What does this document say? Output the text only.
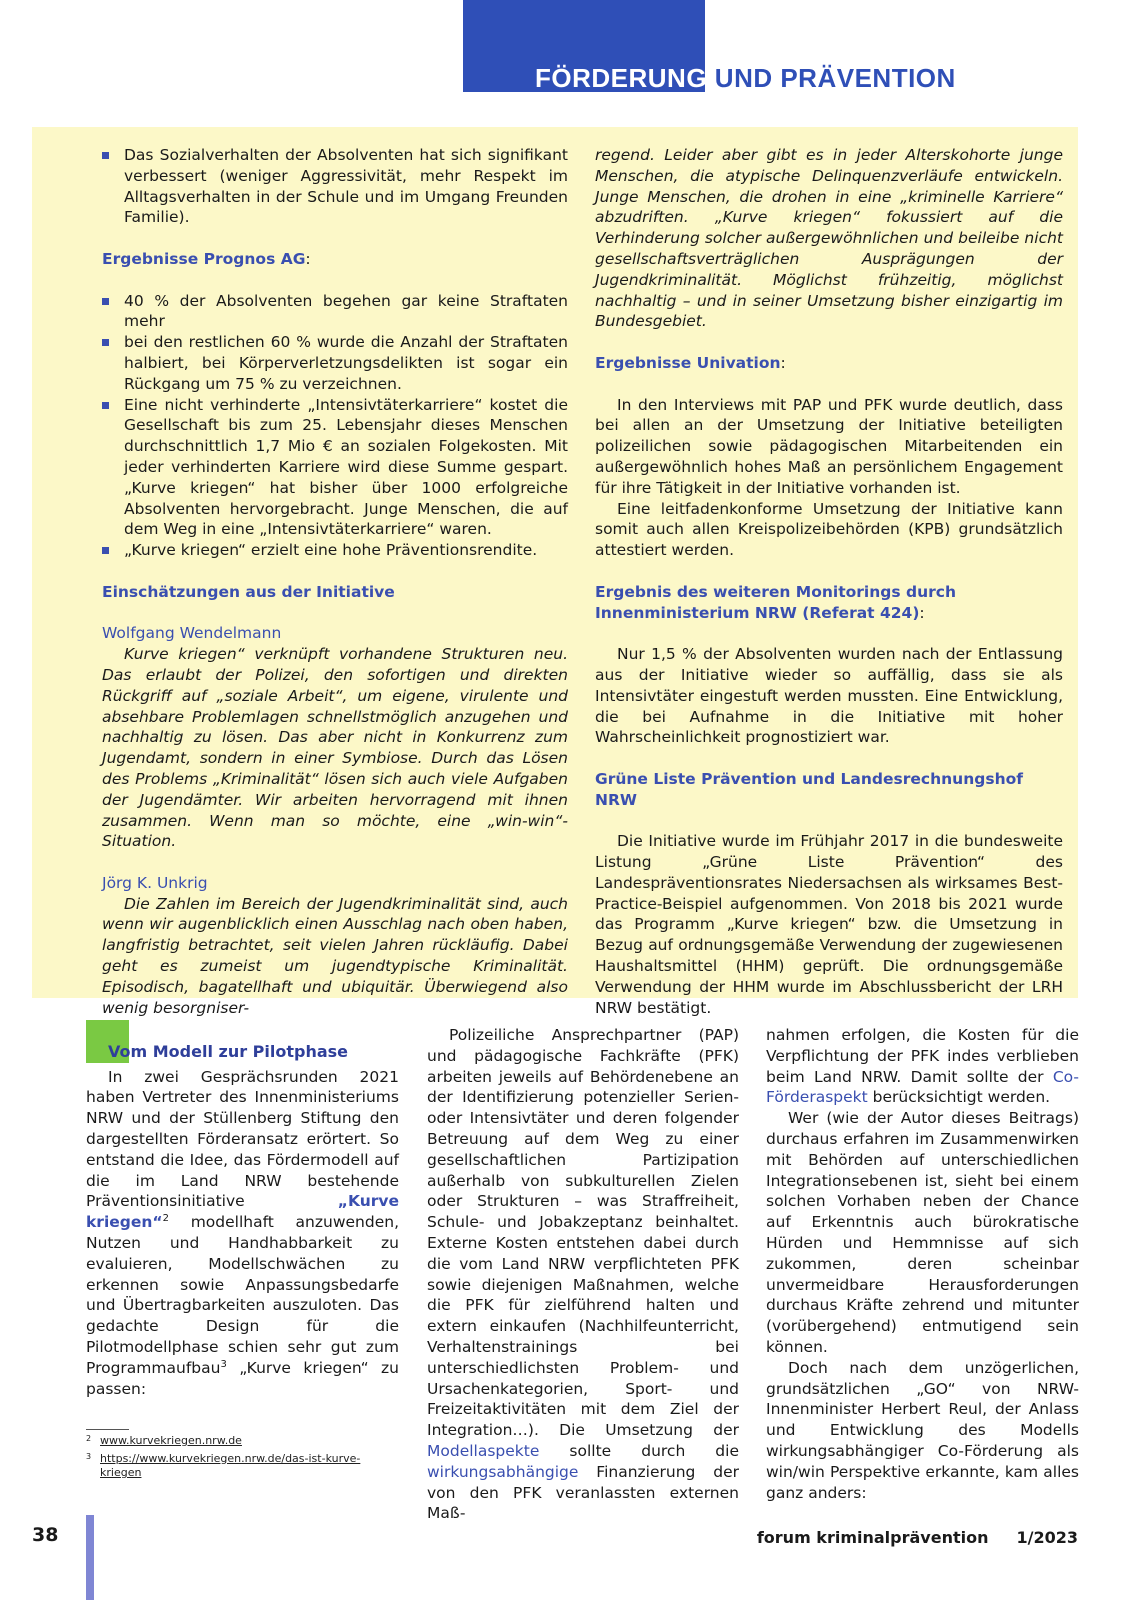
FÖRDERUNG UND PRÄVENTION
Das Sozialverhalten der Absolventen hat sich signifikant verbessert (weniger Aggressivität, mehr Respekt im Alltagsverhalten in der Schule und im Umgang Freunden Familie).
Ergebnisse Prognos AG:
40 % der Absolventen begehen gar keine Straftaten mehr
bei den restlichen 60 % wurde die Anzahl der Straftaten halbiert, bei Körperverletzungsdelikten ist sogar ein Rückgang um 75 % zu verzeichnen.
Eine nicht verhinderte „Intensivtäterkarriere“ kostet die Gesellschaft bis zum 25. Lebensjahr dieses Menschen durchschnittlich 1,7 Mio € an sozialen Folgekosten. Mit jeder verhinderten Karriere wird diese Summe gespart. „Kurve kriegen“ hat bisher über 1000 erfolgreiche Absolventen hervorgebracht. Junge Menschen, die auf dem Weg in eine „Intensivtäterkarriere“ waren.
„Kurve kriegen“ erzielt eine hohe Präventionsrendite.
Einschätzungen aus der Initiative
Wolfgang Wendelmann

Kurve kriegen“ verknüpft vorhandene Strukturen neu. Das erlaubt der Polizei, den sofortigen und direkten Rückgriff auf „soziale Arbeit“, um eigene, virulente und absehbare Problemlagen schnellstmöglich anzugehen und nachhaltig zu lösen. Das aber nicht in Konkurrenz zum Jugendamt, sondern in einer Symbiose. Durch das Lösen des Problems „Kriminalität“ lösen sich auch viele Aufgaben der Jugendämter. Wir arbeiten hervorragend mit ihnen zusammen. Wenn man so möchte, eine „win-win“-Situation.

Jörg K. Unkrig

Die Zahlen im Bereich der Jugendkriminalität sind, auch wenn wir augenblicklich einen Ausschlag nach oben haben, langfristig betrachtet, seit vielen Jahren rückläufig. Dabei geht es zumeist um jugendtypische Kriminalität. Episodisch, bagatellhaft und ubiquitär. Überwiegend also wenig besorgniser-

regend. Leider aber gibt es in jeder Alterskohorte junge Menschen, die atypische Delinquenzverläufe entwickeln. Junge Menschen, die drohen in eine „kriminelle Karriere“ abzudriften. „Kurve kriegen“ fokussiert auf die Verhinderung solcher außergewöhnlichen und beileibe nicht gesellschaftsverträglichen Ausprägungen der Jugendkriminalität. Möglichst frühzeitig, möglichst nachhaltig – und in seiner Umsetzung bisher einzigartig im Bundesgebiet.

Ergebnisse Univation:

In den Interviews mit PAP und PFK wurde deutlich, dass bei allen an der Umsetzung der Initiative beteiligten polizeilichen sowie pädagogischen Mitarbeitenden ein außergewöhnlich hohes Maß an persönlichem Engagement für ihre Tätigkeit in der Initiative vorhanden ist.

Eine leitfadenkonforme Umsetzung der Initiative kann somit auch allen Kreispolizeibehörden (KPB) grundsätzlich attestiert werden.

Ergebnis des weiteren Monitorings durch Innenministerium NRW (Referat 424):

Nur 1,5 % der Absolventen wurden nach der Entlassung aus der Initiative wieder so auffällig, dass sie als Intensivtäter eingestuft werden mussten. Eine Entwicklung, die bei Aufnahme in die Initiative mit hoher Wahrscheinlichkeit prognostiziert war.

Grüne Liste Prävention und Landesrechnungshof NRW

Die Initiative wurde im Frühjahr 2017 in die bundesweite Listung „Grüne Liste Prävention“ des Landespräventionsrates Niedersachsen als wirksames Best-Practice-Beispiel aufgenommen. Von 2018 bis 2021 wurde das Programm „Kurve kriegen“ bzw. die Umsetzung in Bezug auf ordnungsgemäße Verwendung der zugewiesenen Haushaltsmittel (HHM) geprüft. Die ordnungsgemäße Verwendung der HHM wurde im Abschlussbericht der LRH NRW bestätigt.

Vom Modell zur Pilotphase

In zwei Gesprächsrunden 2021 haben Vertreter des Innenministeriums NRW und der Stüllenberg Stiftung den dargestellten Förderansatz erörtert. So entstand die Idee, das Fördermodell auf die im Land NRW bestehende Präventionsinitiative „Kurve kriegen“$^2$ modellhaft anzuwenden, Nutzen und Handhabbarkeit zu evaluieren, Modellschwächen zu erkennen sowie Anpassungsbedarfe und Übertragbarkeiten auszuloten. Das gedachte Design für die Pilotmodellphase schien sehr gut zum Programmaufbau$^3$ „Kurve kriegen“ zu passen:

Polizeiliche Ansprechpartner (PAP) und pädagogische Fachkräfte (PFK) arbeiten jeweils auf Behördenebene an der Identifizierung potenzieller Serien- oder Intensivtäter und deren folgender Betreuung auf dem Weg zu einer gesellschaftlichen Partizipation außerhalb von subkulturellen Zielen oder Strukturen – was Straffreiheit, Schule- und Jobakzeptanz beinhaltet. Externe Kosten entstehen dabei durch die vom Land NRW verpflichteten PFK sowie diejenigen Maßnahmen, welche die PFK für zielführend halten und extern einkaufen (Nachhilfeunterricht, Verhaltenstrainings bei unterschiedlichsten Problem- und Ursachenkategorien, Sport- und Freizeitaktivitäten mit dem Ziel der Integration…). Die Umsetzung der Modellaspekte sollte durch die wirkungsabhängige Finanzierung der von den PFK veranlassten externen Maß-

nahmen erfolgen, die Kosten für die Verpflichtung der PFK indes verblieben beim Land NRW. Damit sollte der Co-Förderaspekt berücksichtigt werden.

Wer (wie der Autor dieses Beitrags) durchaus erfahren im Zusammenwirken mit Behörden auf unterschiedlichen Integrationsebenen ist, sieht bei einem solchen Vorhaben neben der Chance auf Erkenntnis auch bürokratische Hürden und Hemmnisse auf sich zukommen, deren scheinbar unvermeidbare Herausforderungen durchaus Kräfte zehrend und mitunter (vorübergehend) entmutigend sein können.

Doch nach dem unzögerlichen, grundsätzlichen „GO“ von NRW-Innenminister Herbert Reul, der Anlass und Entwicklung des Modells wirkungsabhängiger Co-Förderung als win/win Perspektive erkannte, kam alles ganz anders:

2 www.kurvekriegen.nrw.de
3 https://www.kurvekriegen.nrw.de/das-ist-kurve-kriegen
38	forum kriminalprävention 1/2023
